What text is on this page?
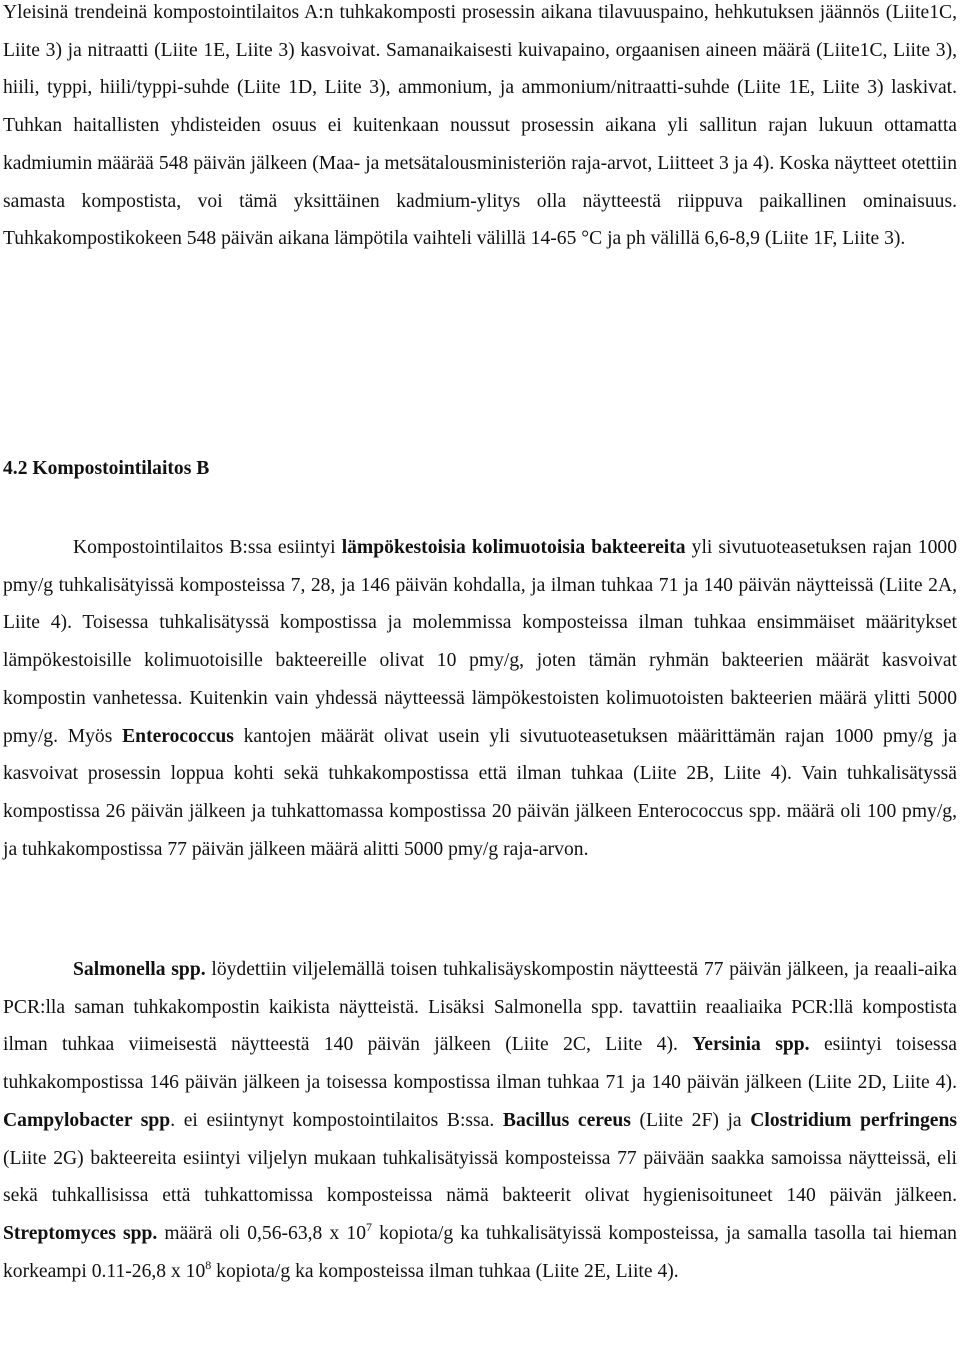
Yleisinä trendeinä kompostointilaitos A:n tuhkakomposti prosessin aikana tilavuuspaino, hehkutuksen jäännös (Liite1C, Liite 3) ja nitraatti (Liite 1E, Liite 3) kasvoivat. Samanaikaisesti kuivapaino, orgaanisen aineen määrä (Liite1C, Liite 3), hiili, typpi, hiili/typpi-suhde (Liite 1D, Liite 3), ammonium, ja ammonium/nitraatti-suhde (Liite 1E, Liite 3) laskivat. Tuhkan haitallisten yhdisteiden osuus ei kuitenkaan noussut prosessin aikana yli sallitun rajan lukuun ottamatta kadmiumin määrää 548 päivän jälkeen (Maa- ja metsätalousministeriön raja-arvot, Liitteet 3 ja 4). Koska näytteet otettiin samasta kompostista, voi tämä yksittäinen kadmium-ylitys olla näytteestä riippuva paikallinen ominaisuus. Tuhkakompostikokeen 548 päivän aikana lämpötila vaihteli välillä 14-65 °C ja ph välillä 6,6-8,9 (Liite 1F, Liite 3).

4.2 Kompostointilaitos B

Kompostointilaitos B:ssa esiintyi lämpökestoisia kolimuotoisia bakteereita yli sivutuoteasetuksen rajan 1000 pmy/g tuhkalisätyissä komposteissa 7, 28, ja 146 päivän kohdalla, ja ilman tuhkaa 71 ja 140 päivän näytteissä (Liite 2A, Liite 4). Toisessa tuhkalisätyssä kompostissa ja molemmissa komposteissa ilman tuhkaa ensimmäiset määritykset lämpökestoisille kolimuotoisille bakteereille olivat 10 pmy/g, joten tämän ryhmän bakteerien määrät kasvoivat kompostin vanhetessa. Kuitenkin vain yhdessä näytteessä lämpökestoisten kolimuotoisten bakteerien määrä ylitti 5000 pmy/g. Myös Enterococcus kantojen määrät olivat usein yli sivutuoteasetuksen määrittämän rajan 1000 pmy/g ja kasvoivat prosessin loppua kohti sekä tuhkakompostissa että ilman tuhkaa (Liite 2B, Liite 4). Vain tuhkalisätyssä kompostissa 26 päivän jälkeen ja tuhkattomassa kompostissa 20 päivän jälkeen Enterococcus spp. määrä oli 100 pmy/g, ja tuhkakompostissa 77 päivän jälkeen määrä alitti 5000 pmy/g raja-arvon.

Salmonella spp. löydettiin viljelemällä toisen tuhkalisäyskompostin näytteestä 77 päivän jälkeen, ja reaali-aika PCR:lla saman tuhkakompostin kaikista näytteistä. Lisäksi Salmonella spp. tavattiin reaaliaika PCR:llä kompostista ilman tuhkaa viimeisestä näytteestä 140 päivän jälkeen (Liite 2C, Liite 4). Yersinia spp. esiintyi toisessa tuhkakompostissa 146 päivän jälkeen ja toisessa kompostissa ilman tuhkaa 71 ja 140 päivän jälkeen (Liite 2D, Liite 4). Campylobacter spp. ei esiintynyt kompostointilaitos B:ssa. Bacillus cereus (Liite 2F) ja Clostridium perfringens (Liite 2G) bakteereita esiintyi viljelyn mukaan tuhkalisätyissä komposteissa 77 päivään saakka samoissa näytteissä, eli sekä tuhkallisissa että tuhkattomissa komposteissa nämä bakteerit olivat hygienisoituneet 140 päivän jälkeen. Streptomyces spp. määrä oli 0,56-63,8 x $10^7$ kopiota/g ka tuhkalisätyissä komposteissa, ja samalla tasolla tai hieman korkeampi 0.11-26,8 x $10^8$ kopiota/g ka komposteissa ilman tuhkaa (Liite 2E, Liite 4).
